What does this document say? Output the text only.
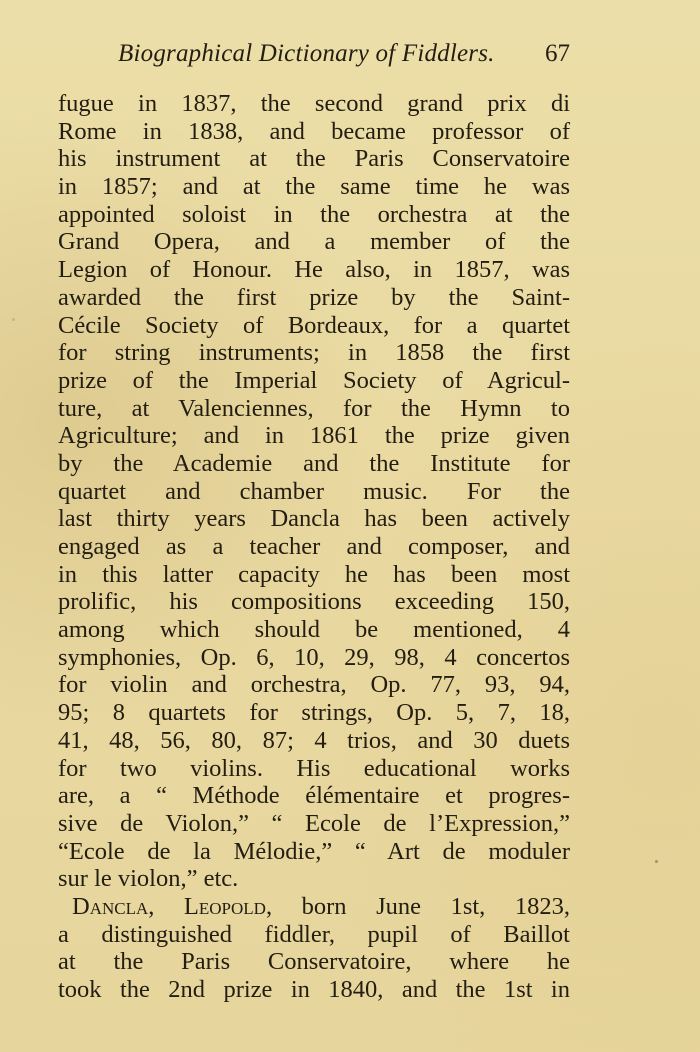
Biographical Dictionary of Fiddlers. 67
fugue in 1837, the second grand prix di
Rome in 1838, and became professor of
his instrument at the Paris Conservatoire
in 1857; and at the same time he was
appointed soloist in the orchestra at the
Grand Opera, and a member of the
Legion of Honour. He also, in 1857, was
awarded the first prize by the Saint-
Cécile Society of Bordeaux, for a quartet
for string instruments; in 1858 the first
prize of the Imperial Society of Agricul-
ture, at Valenciennes, for the Hymn to
Agriculture; and in 1861 the prize given
by the Academie and the Institute for
quartet and chamber music. For the
last thirty years Dancla has been actively
engaged as a teacher and composer, and
in this latter capacity he has been most
prolific, his compositions exceeding 150,
among which should be mentioned, 4
symphonies, Op. 6, 10, 29, 98, 4 concertos
for violin and orchestra, Op. 77, 93, 94,
95; 8 quartets for strings, Op. 5, 7, 18,
41, 48, 56, 80, 87; 4 trios, and 30 duets
for two violins. His educational works
are, a “ Méthode élémentaire et progres-
sive de Violon,” “ Ecole de l’Expression,”
“Ecole de la Mélodie,” “ Art de moduler
sur le violon,” etc.
Dancla, Leopold, born June 1st, 1823,
a distinguished fiddler, pupil of Baillot
at the Paris Conservatoire, where he
took the 2nd prize in 1840, and the 1st in
